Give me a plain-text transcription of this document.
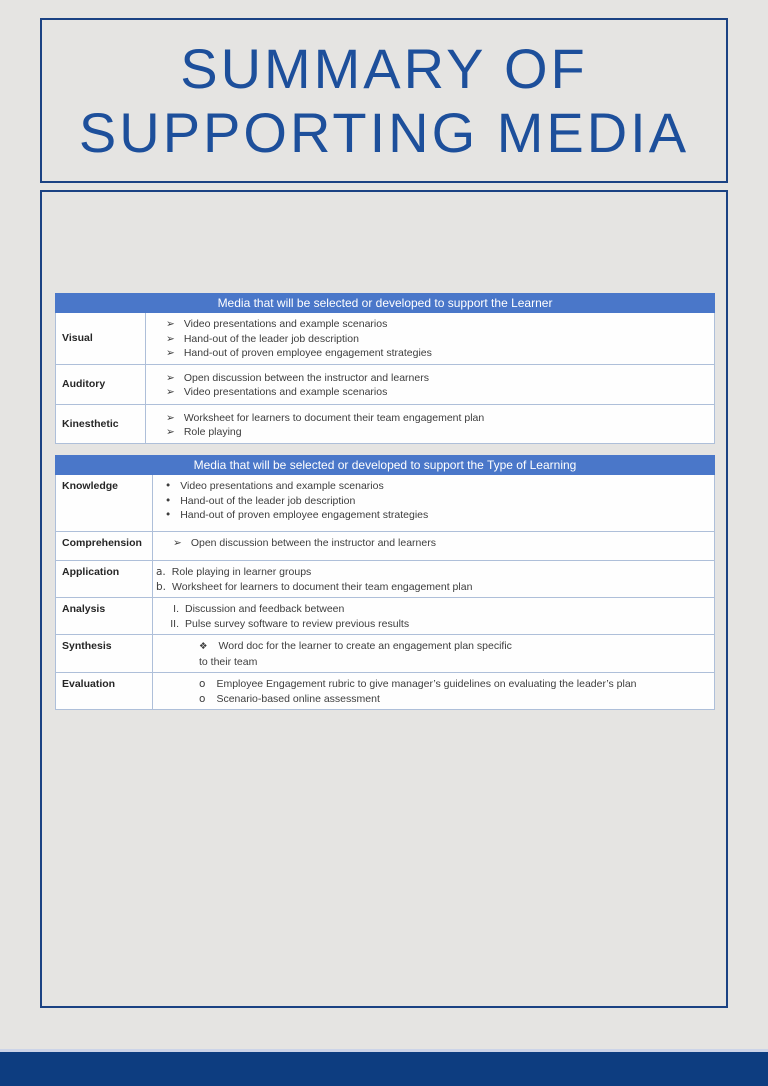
SUMMARY OF
SUPPORTING MEDIA
Media that will be selected or developed to support the Learner
Visual
➢ Video presentations and example scenarios
➢ Hand-out of the leader job description
➢ Hand-out of proven employee engagement strategies
Auditory
➢ Open discussion between the instructor and learners
➢ Video presentations and example scenarios
Kinesthetic	➢ Worksheet for learners to document their team engagement plan
➢ Role playing
Media that will be selected or developed to support the Type of Learning
Knowledge	• Video presentations and example scenarios
• Hand-out of the leader job description
• Hand-out of proven employee engagement strategies
Comprehension	➢ Open discussion between the instructor and learners
Application	a. Role playing in learner groups
b. Worksheet for learners to document their team engagement plan
Analysis	I. Discussion and feedback between
II. Pulse survey software to review previous results
Synthesis	❖ Word doc for the learner to create an engagement plan specific
to their team
Evaluation	o Employee Engagement rubric to give manager’s guidelines on evaluating the leader’s plan
o Scenario-based online assessment
